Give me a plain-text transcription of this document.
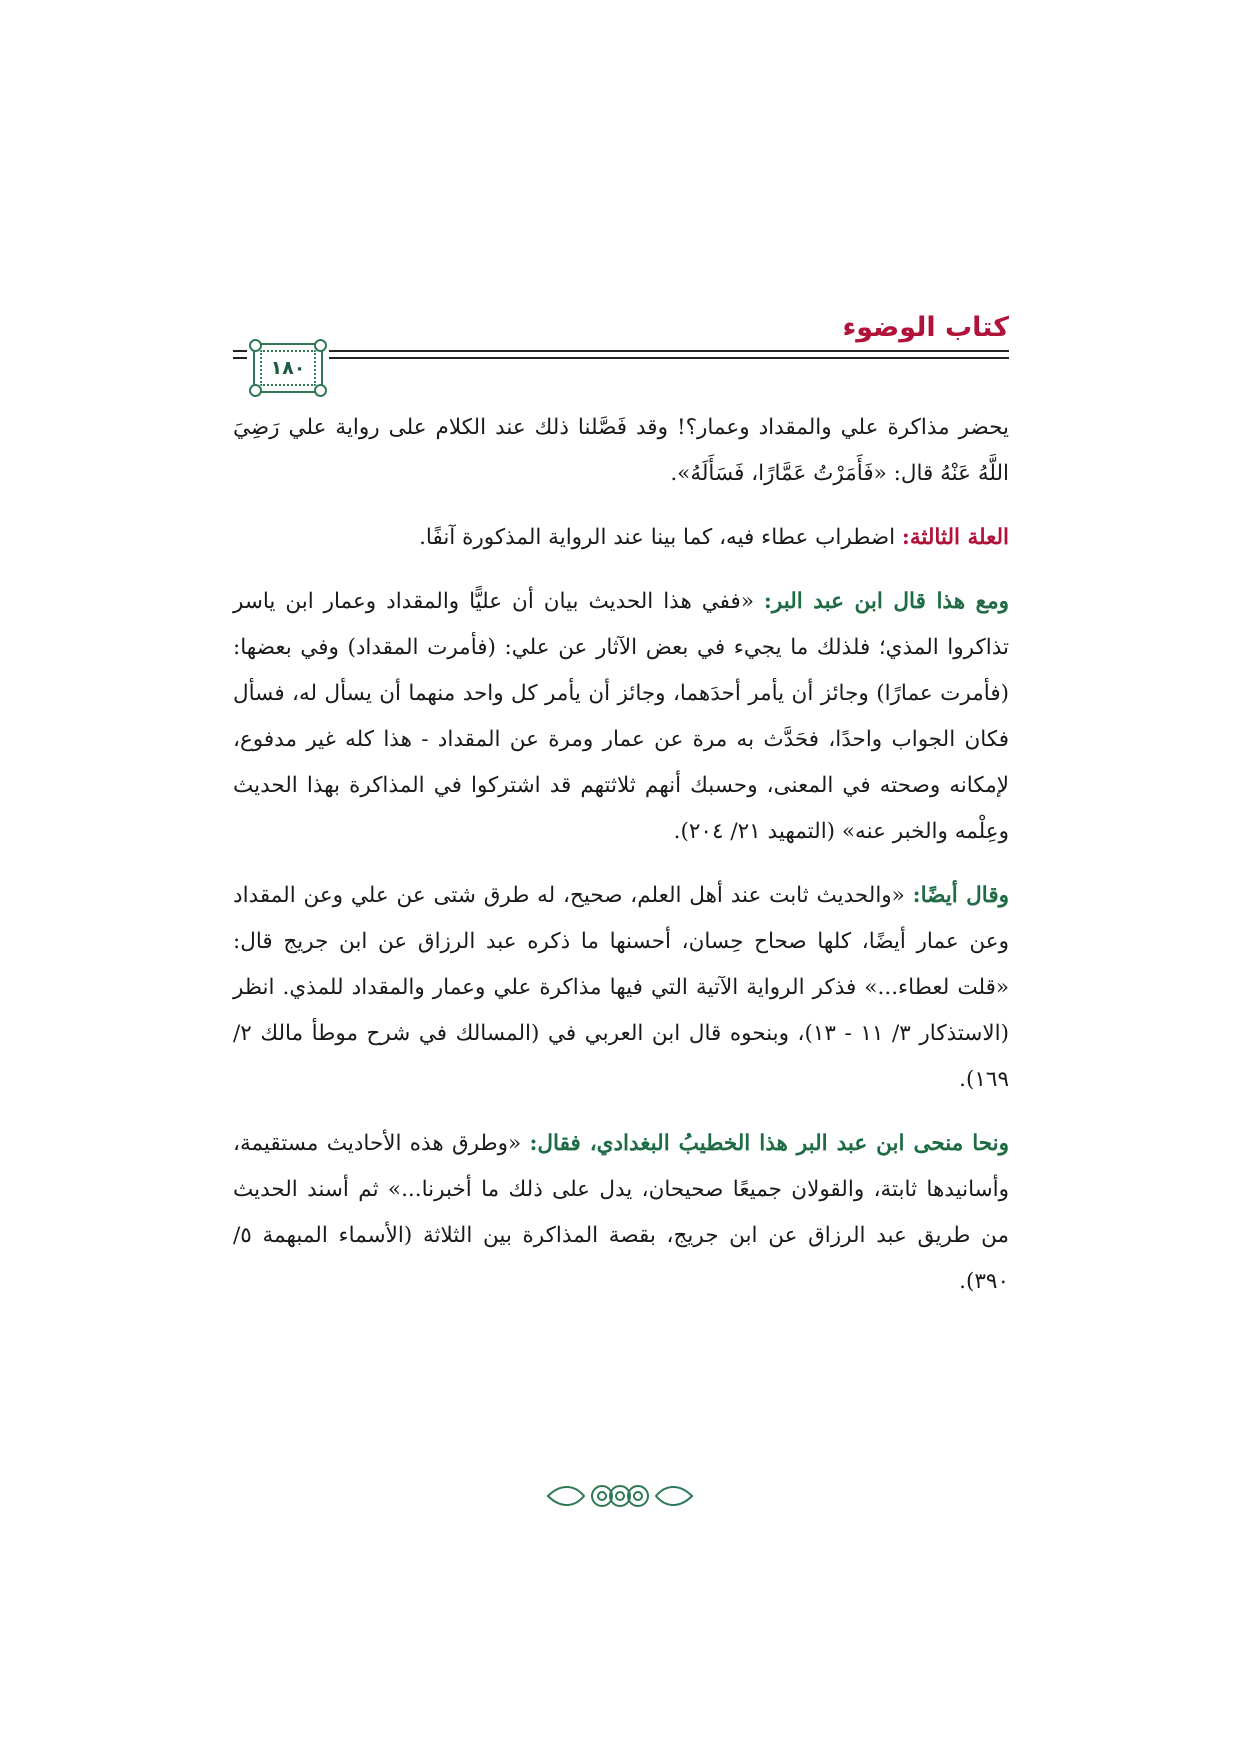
كتاب الوضوء
١٨٠

يحضر مذاكرة علي والمقداد وعمار؟! وقد فَصَّلنا ذلك عند الكلام على رواية علي رَضِيَ اللَّهُ عَنْهُ قال: «فَأَمَرْتُ عَمَّارًا، فَسَأَلَهُ».

العلة الثالثة: اضطراب عطاء فيه، كما بينا عند الرواية المذكورة آنفًا.

ومع هذا قال ابن عبد البر: «ففي هذا الحديث بيان أن عليًّا والمقداد وعمار ابن ياسر تذاكروا المذي؛ فلذلك ما يجيء في بعض الآثار عن علي: (فأمرت المقداد) وفي بعضها: (فأمرت عمارًا) وجائز أن يأمر أحدَهما، وجائز أن يأمر كل واحد منهما أن يسأل له، فسأل فكان الجواب واحدًا، فحَدَّث به مرة عن عمار ومرة عن المقداد - هذا كله غير مدفوع، لإمكانه وصحته في المعنى، وحسبك أنهم ثلاثتهم قد اشتركوا في المذاكرة بهذا الحديث وعِلْمه والخبر عنه» (التمهيد ٢١/ ٢٠٤).

وقال أيضًا: «والحديث ثابت عند أهل العلم، صحيح، له طرق شتى عن علي وعن المقداد وعن عمار أيضًا، كلها صحاح حِسان، أحسنها ما ذكره عبد الرزاق عن ابن جريج قال: «قلت لعطاء...» فذكر الرواية الآتية التي فيها مذاكرة علي وعمار والمقداد للمذي. انظر (الاستذكار ٣/ ١١ - ١٣)، وبنحوه قال ابن العربي في (المسالك في شرح موطأ مالك ٢/ ١٦٩).

ونحا منحى ابن عبد البر هذا الخطيبُ البغدادي، فقال: «وطرق هذه الأحاديث مستقيمة، وأسانيدها ثابتة، والقولان جميعًا صحيحان، يدل على ذلك ما أخبرنا...» ثم أسند الحديث من طريق عبد الرزاق عن ابن جريج، بقصة المذاكرة بين الثلاثة (الأسماء المبهمة ٥/ ٣٩٠).
